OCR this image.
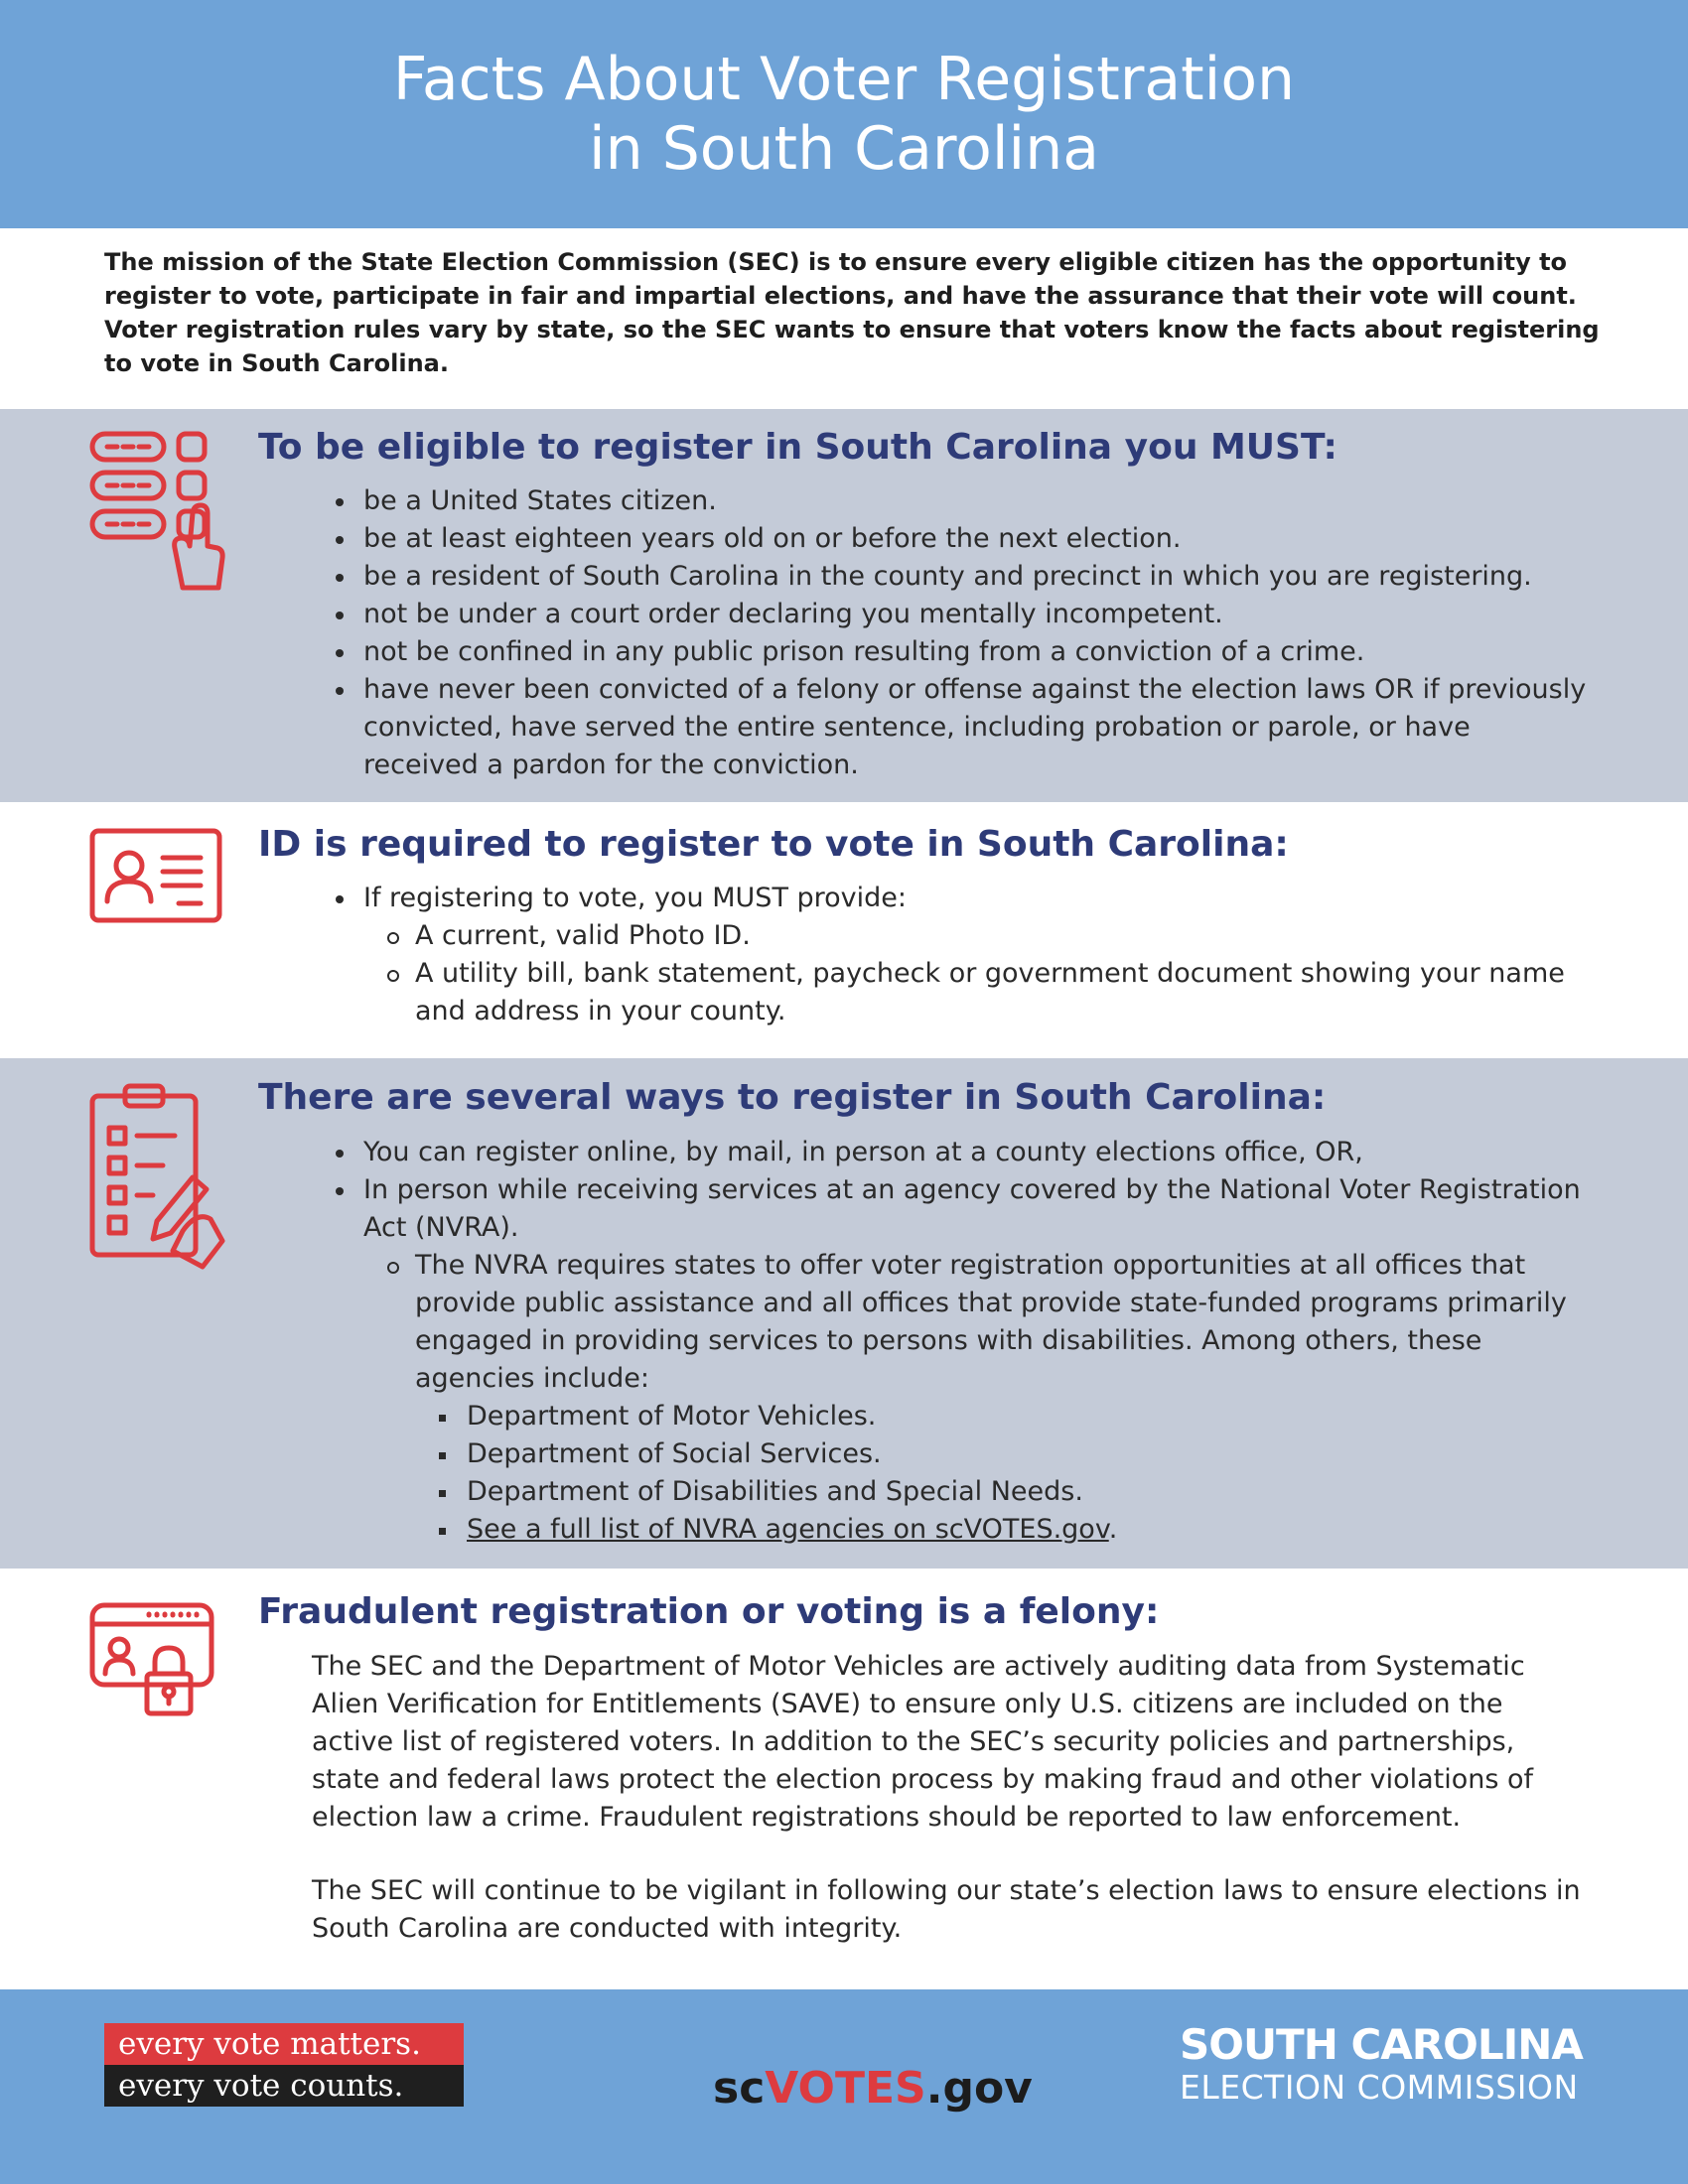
Facts About Voter Registration
in South Carolina
The mission of the State Election Commission (SEC) is to ensure every eligible citizen has the opportunity to register to vote, participate in fair and impartial elections, and have the assurance that their vote will count. Voter registration rules vary by state, so the SEC wants to ensure that voters know the facts about registering to vote in South Carolina.
To be eligible to register in South Carolina you MUST:
be a United States citizen.
be at least eighteen years old on or before the next election.
be a resident of South Carolina in the county and precinct in which you are registering.
not be under a court order declaring you mentally incompetent.
not be confined in any public prison resulting from a conviction of a crime.
have never been convicted of a felony or offense against the election laws OR if previously convicted, have served the entire sentence, including probation or parole, or have received a pardon for the conviction.
ID is required to register to vote in South Carolina:
If registering to vote, you MUST provide:
A current, valid Photo ID.
A utility bill, bank statement, paycheck or government document showing your name and address in your county.
There are several ways to register in South Carolina:
You can register online, by mail, in person at a county elections office, OR,
In person while receiving services at an agency covered by the National Voter Registration Act (NVRA).
The NVRA requires states to offer voter registration opportunities at all offices that provide public assistance and all offices that provide state-funded programs primarily engaged in providing services to persons with disabilities. Among others, these agencies include:
Department of Motor Vehicles.
Department of Social Services.
Department of Disabilities and Special Needs.
See a full list of NVRA agencies on scVOTES.gov.
Fraudulent registration or voting is a felony:
The SEC and the Department of Motor Vehicles are actively auditing data from Systematic Alien Verification for Entitlements (SAVE) to ensure only U.S. citizens are included on the active list of registered voters. In addition to the SEC’s security policies and partnerships, state and federal laws protect the election process by making fraud and other violations of election law a crime. Fraudulent registrations should be reported to law enforcement.
The SEC will continue to be vigilant in following our state’s election laws to ensure elections in South Carolina are conducted with integrity.
every vote matters.
every vote counts.	scVOTES.gov
SOUTH CAROLINA
ELECTION COMMISSION
